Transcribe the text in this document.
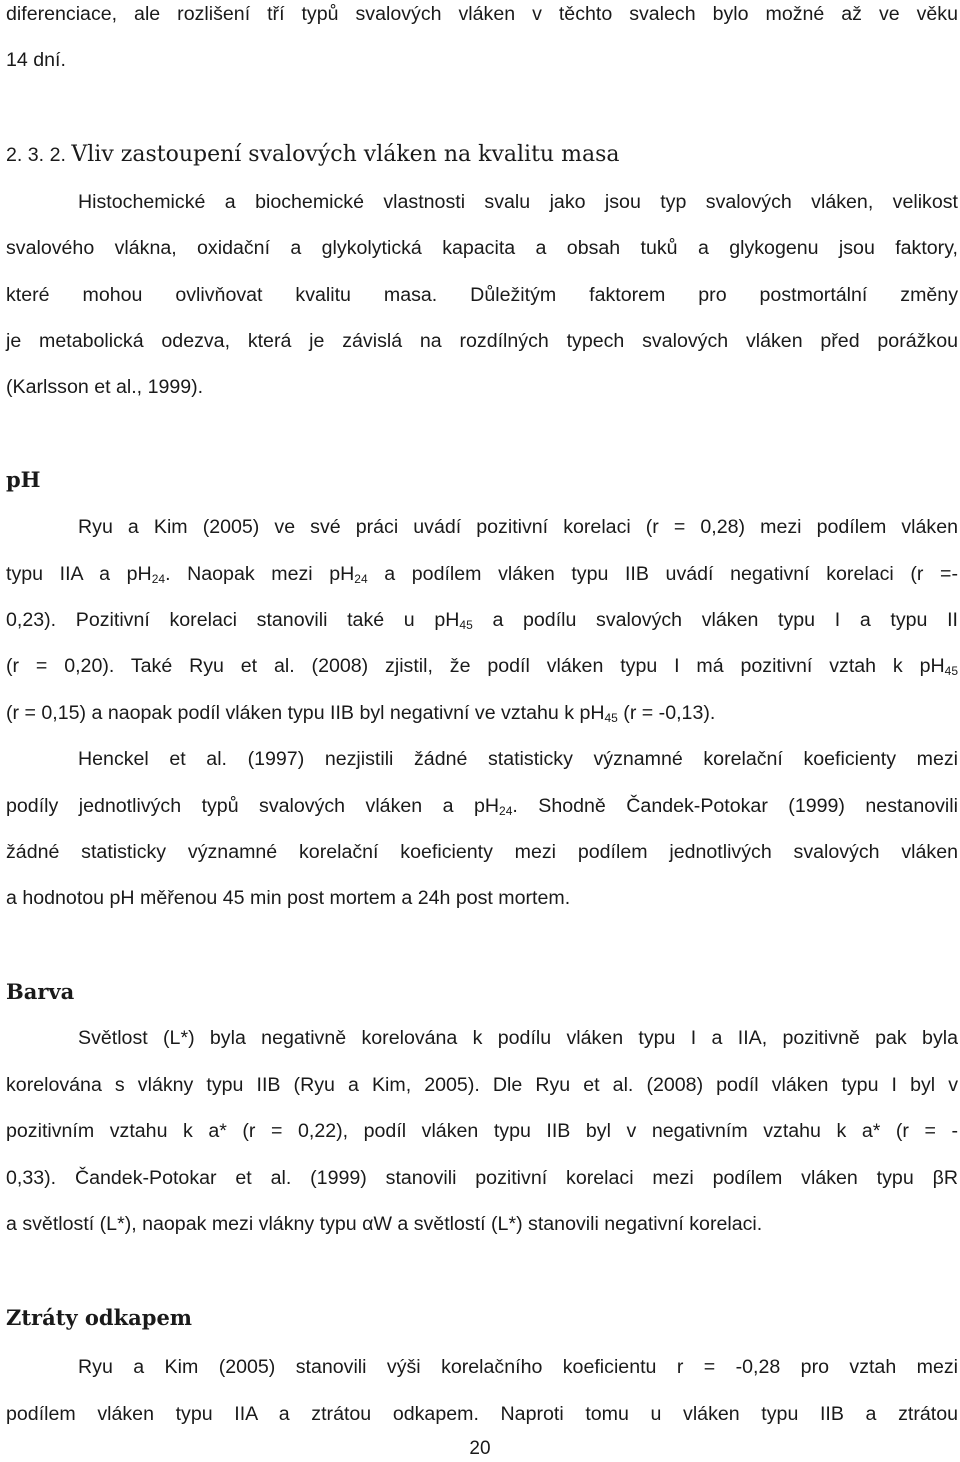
diferenciace, ale rozlišení tří typů svalových vláken v těchto svalech bylo možné až ve věku
14 dní.
2. 3. 2. Vliv zastoupení svalových vláken na kvalitu masa
Histochemické a biochemické vlastnosti svalu jako jsou typ svalových vláken, velikost
svalového vlákna, oxidační a glykolytická kapacita a obsah tuků a glykogenu jsou faktory,
které mohou ovlivňovat kvalitu masa. Důležitým faktorem pro postmortální změny
je metabolická odezva, která je závislá na rozdílných typech svalových vláken před porážkou
(Karlsson et al., 1999).
pH
Ryu a Kim (2005) ve své práci uvádí pozitivní korelaci (r = 0,28) mezi podílem vláken
typu IIA a $pH_{24}$. Naopak mezi $pH_{24}$ a podílem vláken typu IIB uvádí negativní korelaci (r =-
0,23). Pozitivní korelaci stanovili také u $pH_{45}$ a podílu svalových vláken typu I a typu II
(r = 0,20). Také Ryu et al. (2008) zjistil, že podíl vláken typu I má pozitivní vztah k $pH_{45}$
(r = 0,15) a naopak podíl vláken typu IIB byl negativní ve vztahu k $pH_{45}$ (r = -0,13).
Henckel et al. (1997) nezjistili žádné statisticky významné korelační koeficienty mezi
podíly jednotlivých typů svalových vláken a $pH_{24}$. Shodně Čandek-Potokar (1999) nestanovili
žádné statisticky významné korelační koeficienty mezi podílem jednotlivých svalových vláken
a hodnotou pH měřenou 45 min post mortem a 24h post mortem.
Barva
Světlost (L*) byla negativně korelována k podílu vláken typu I a IIA, pozitivně pak byla
korelována s vlákny typu IIB (Ryu a Kim, 2005). Dle Ryu et al. (2008) podíl vláken typu I byl v
pozitivním vztahu k a* (r = 0,22), podíl vláken typu IIB byl v negativním vztahu k a* (r = -
0,33). Čandek-Potokar et al. (1999) stanovili pozitivní korelaci mezi podílem vláken typu βR
a světlostí (L*), naopak mezi vlákny typu αW a světlostí (L*) stanovili negativní korelaci.
Ztráty odkapem
Ryu a Kim (2005) stanovili výši korelačního koeficientu r = -0,28 pro vztah mezi
podílem vláken typu IIA a ztrátou odkapem. Naproti tomu u vláken typu IIB a ztrátou
20
